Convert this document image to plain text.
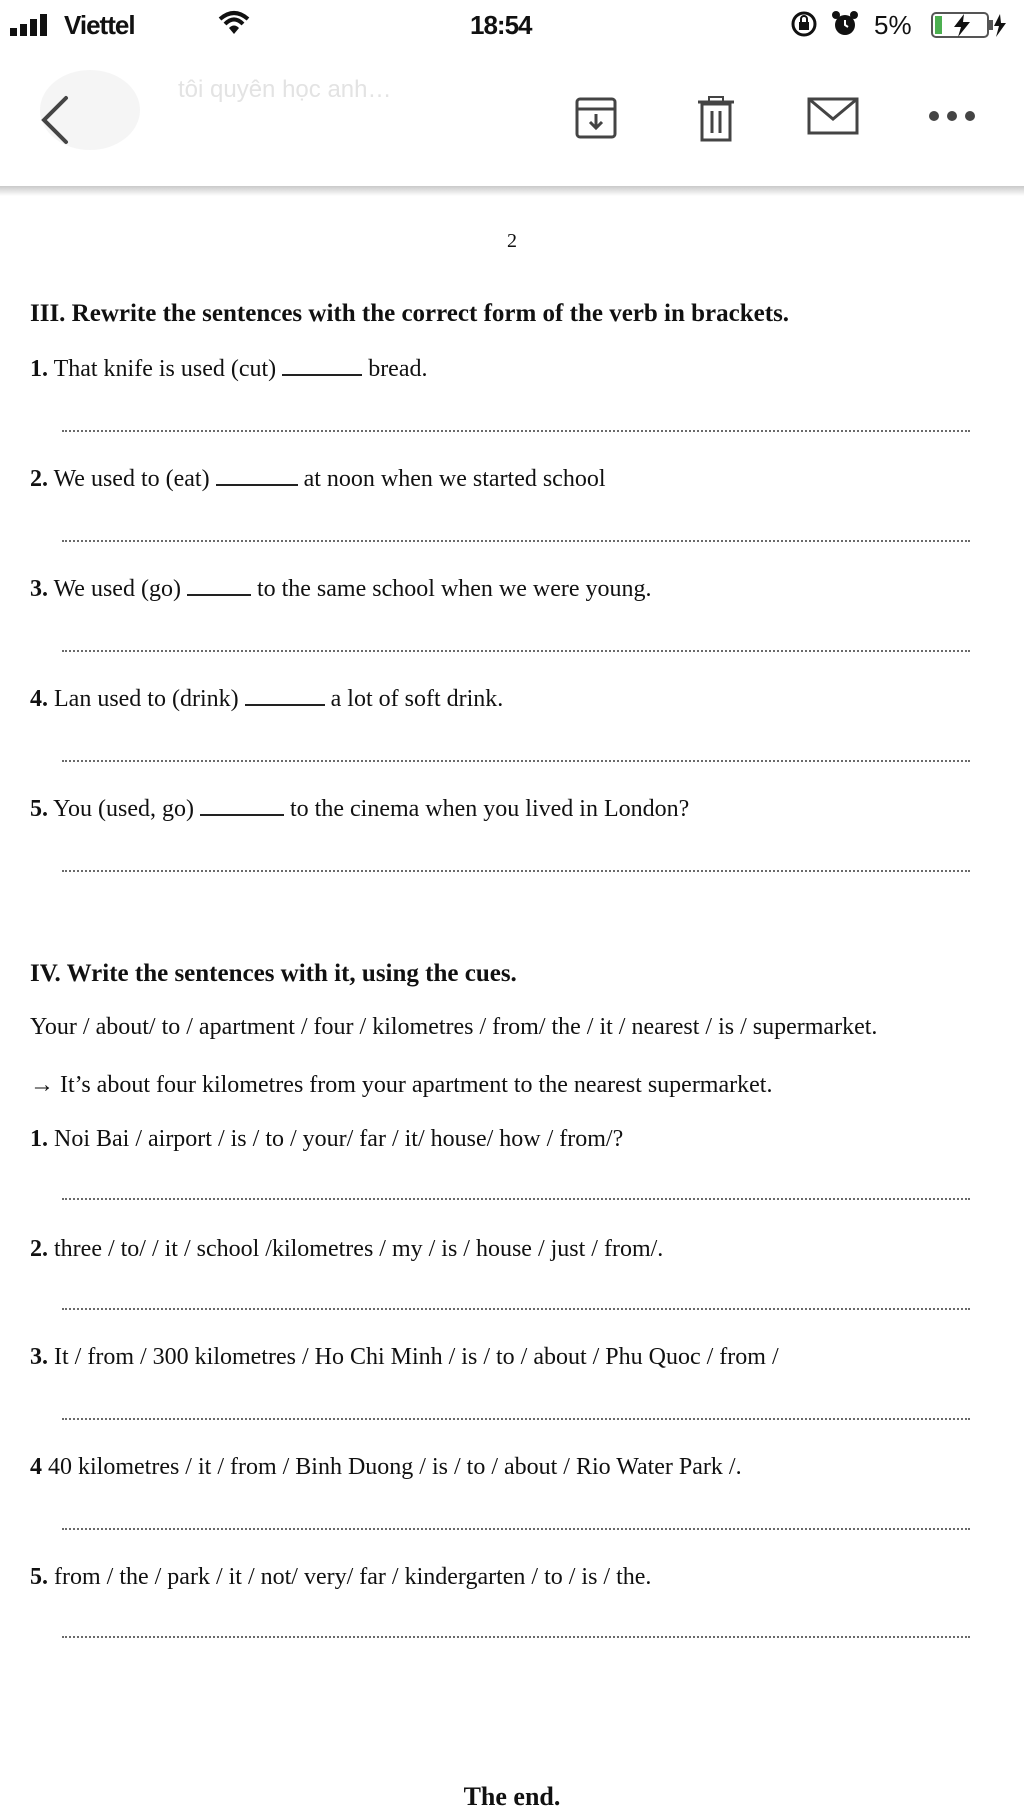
Viettel	18:54	5%
tôi quyên học anh…
2
III. Rewrite the sentences with the correct form of the verb in brackets.
1. That knife is used (cut)	bread.
2. We used to (eat)	at noon when we started school
3. We used (go)	to the same school when we were young.
4. Lan used to (drink)	a lot of soft drink.
5. You (used, go)	to the cinema when you lived in London?
IV. Write the sentences with it, using the cues.
Your / about/ to / apartment / four / kilometres / from/ the / it / nearest / is / supermarket.
→ It’s about four kilometres from your apartment to the nearest supermarket.
1. Noi Bai / airport / is / to / your/ far / it/ house/ how / from/?
2. three / to/ / it / school /kilometres / my / is / house / just / from/.
3. It / from / 300 kilometres / Ho Chi Minh / is / to / about / Phu Quoc / from /
4 40 kilometres / it / from / Binh Duong / is / to / about / Rio Water Park /.
5. from / the / park / it / not/ very/ far / kindergarten / to / is / the.
The end.
